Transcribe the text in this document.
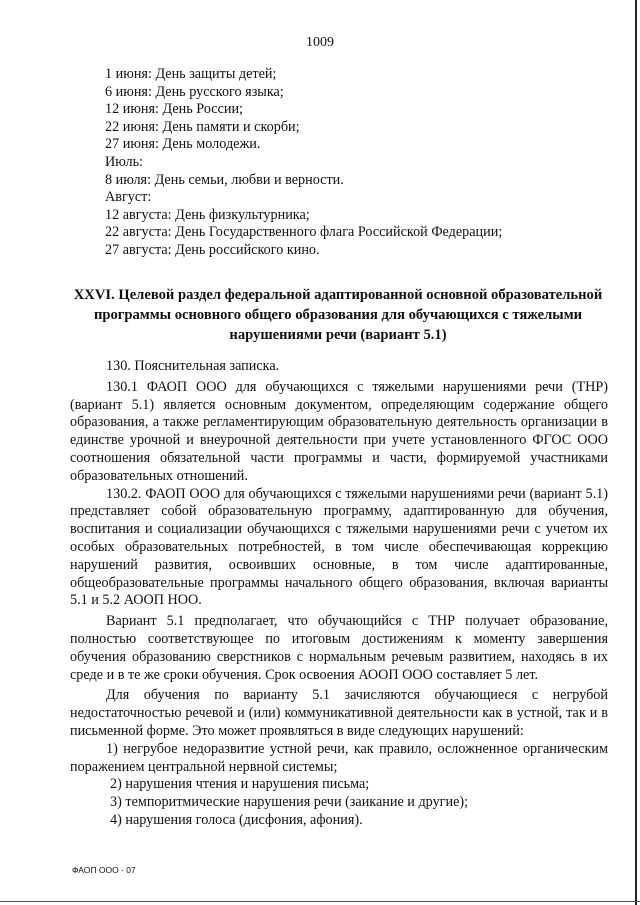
1009
1 июня: День защиты детей;
6 июня: День русского языка;
12 июня: День России;
22 июня: День памяти и скорби;
27 июня: День молодежи.
Июль:
8 июля: День семьи, любви и верности.
Август:
12 августа: День физкультурника;
22 августа: День Государственного флага Российской Федерации;
27 августа: День российского кино.
XXVI. Целевой раздел федеральной адаптированной основной образовательной программы основного общего образования для обучающихся с тяжелыми нарушениями речи (вариант 5.1)

130. Пояснительная записка.

130.1 ФАОП ООО для обучающихся с тяжелыми нарушениями речи (ТНР) (вариант 5.1) является основным документом, определяющим содержание общего образования, а также регламентирующим образовательную деятельность организации в единстве урочной и внеурочной деятельности при учете установленного ФГОС ООО соотношения обязательной части программы и части, формируемой участниками образовательных отношений.

130.2. ФАОП ООО для обучающихся с тяжелыми нарушениями речи (вариант 5.1) представляет собой образовательную программу, адаптированную для обучения, воспитания и социализации обучающихся с тяжелыми нарушениями речи с учетом их особых образовательных потребностей, в том числе обеспечивающая коррекцию нарушений развития, освоивших основные, в том числе адаптированные, общеобразовательные программы начального общего образования, включая варианты 5.1 и 5.2 АООП НОО.

Вариант 5.1 предполагает, что обучающийся с ТНР получает образование, полностью соответствующее по итоговым достижениям к моменту завершения обучения образованию сверстников с нормальным речевым развитием, находясь в их среде и в те же сроки обучения. Срок освоения АООП ООО составляет 5 лет.

Для обучения по варианту 5.1 зачисляются обучающиеся с негрубой недостаточностью речевой и (или) коммуникативной деятельности как в устной, так и в письменной форме. Это может проявляться в виде следующих нарушений:

1) негрубое недоразвитие устной речи, как правило, осложненное органическим поражением центральной нервной системы;

2) нарушения чтения и нарушения письма;

3) темпоритмические нарушения речи (заикание и другие);

4) нарушения голоса (дисфония, афония).

ФАОП ООО - 07
